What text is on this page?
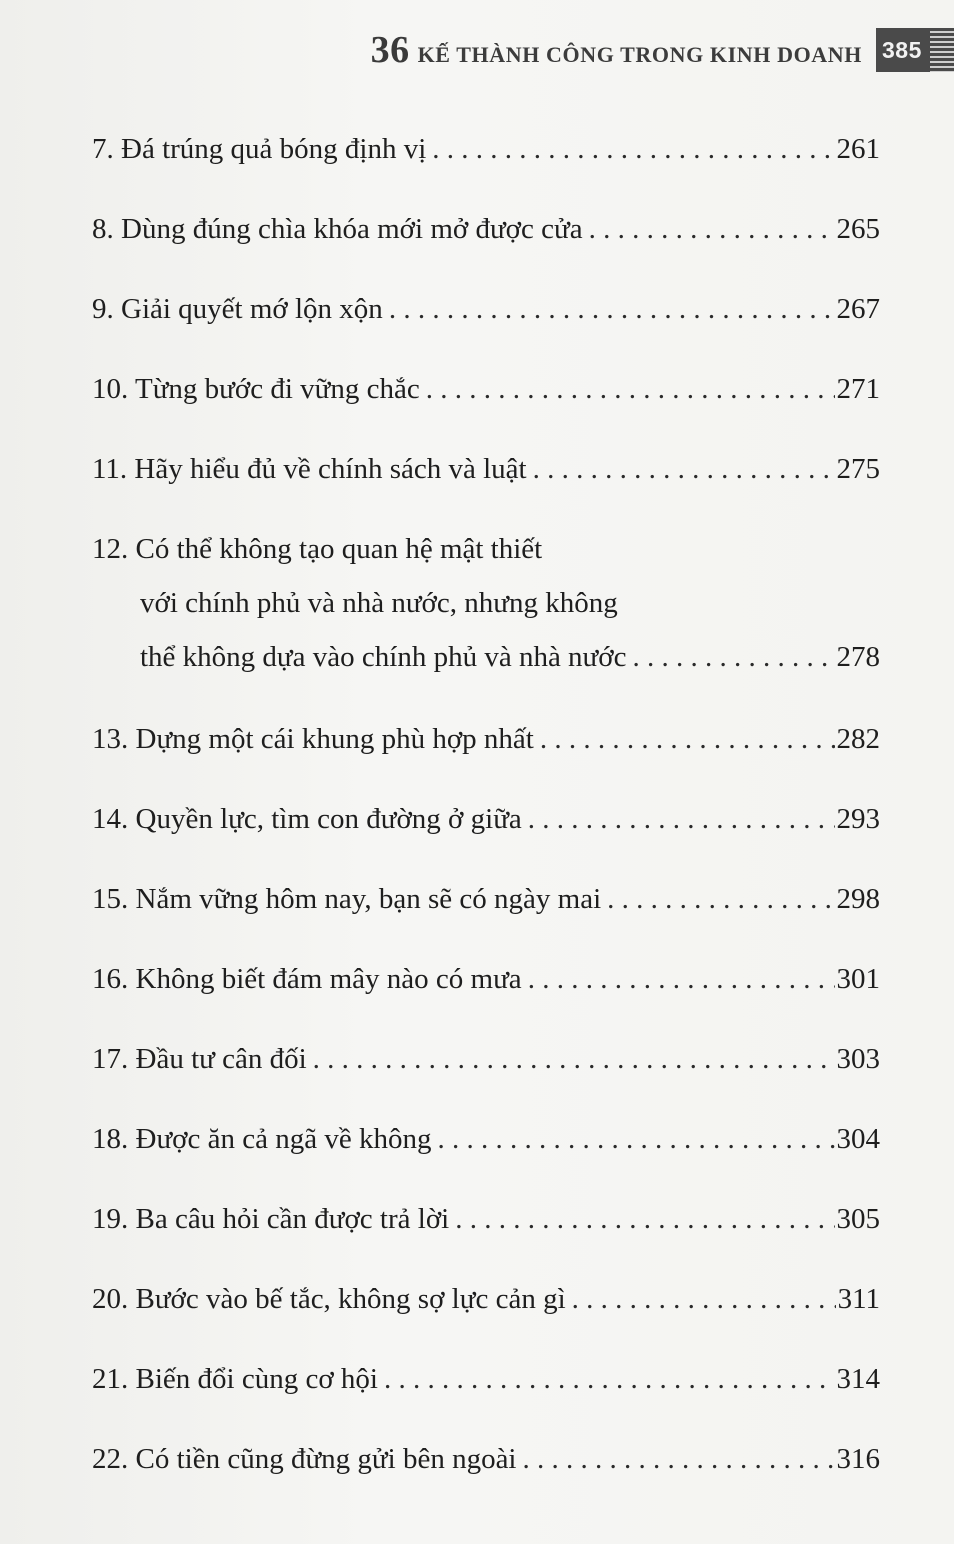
36 KẾ THÀNH CÔNG TRONG KINH DOANH 385
7. Đá trúng quả bóng định vị . . .	261
8. Dùng đúng chìa khóa mới mở được cửa . . .	265
9. Giải quyết mớ lộn xộn . . .	267
10. Từng bước đi vững chắc . . .	271
11. Hãy hiểu đủ về chính sách và luật . . .	275
12. Có thể không tạo quan hệ mật thiết
với chính phủ và nhà nước, nhưng không
thể không dựa vào chính phủ và nhà nước . . .	278
13. Dựng một cái khung phù hợp nhất . . .	282
14. Quyền lực, tìm con đường ở giữa . . .	293
15. Nắm vững hôm nay, bạn sẽ có ngày mai . . .	298
16. Không biết đám mây nào có mưa . . .	301
17. Đầu tư cân đối . . .	303
18. Được ăn cả ngã về không . . .	304
19. Ba câu hỏi cần được trả lời . . .	305
20. Bước vào bế tắc, không sợ lực cản gì . . .	311
21. Biến đổi cùng cơ hội . . .	314
22. Có tiền cũng đừng gửi bên ngoài . . .	316
